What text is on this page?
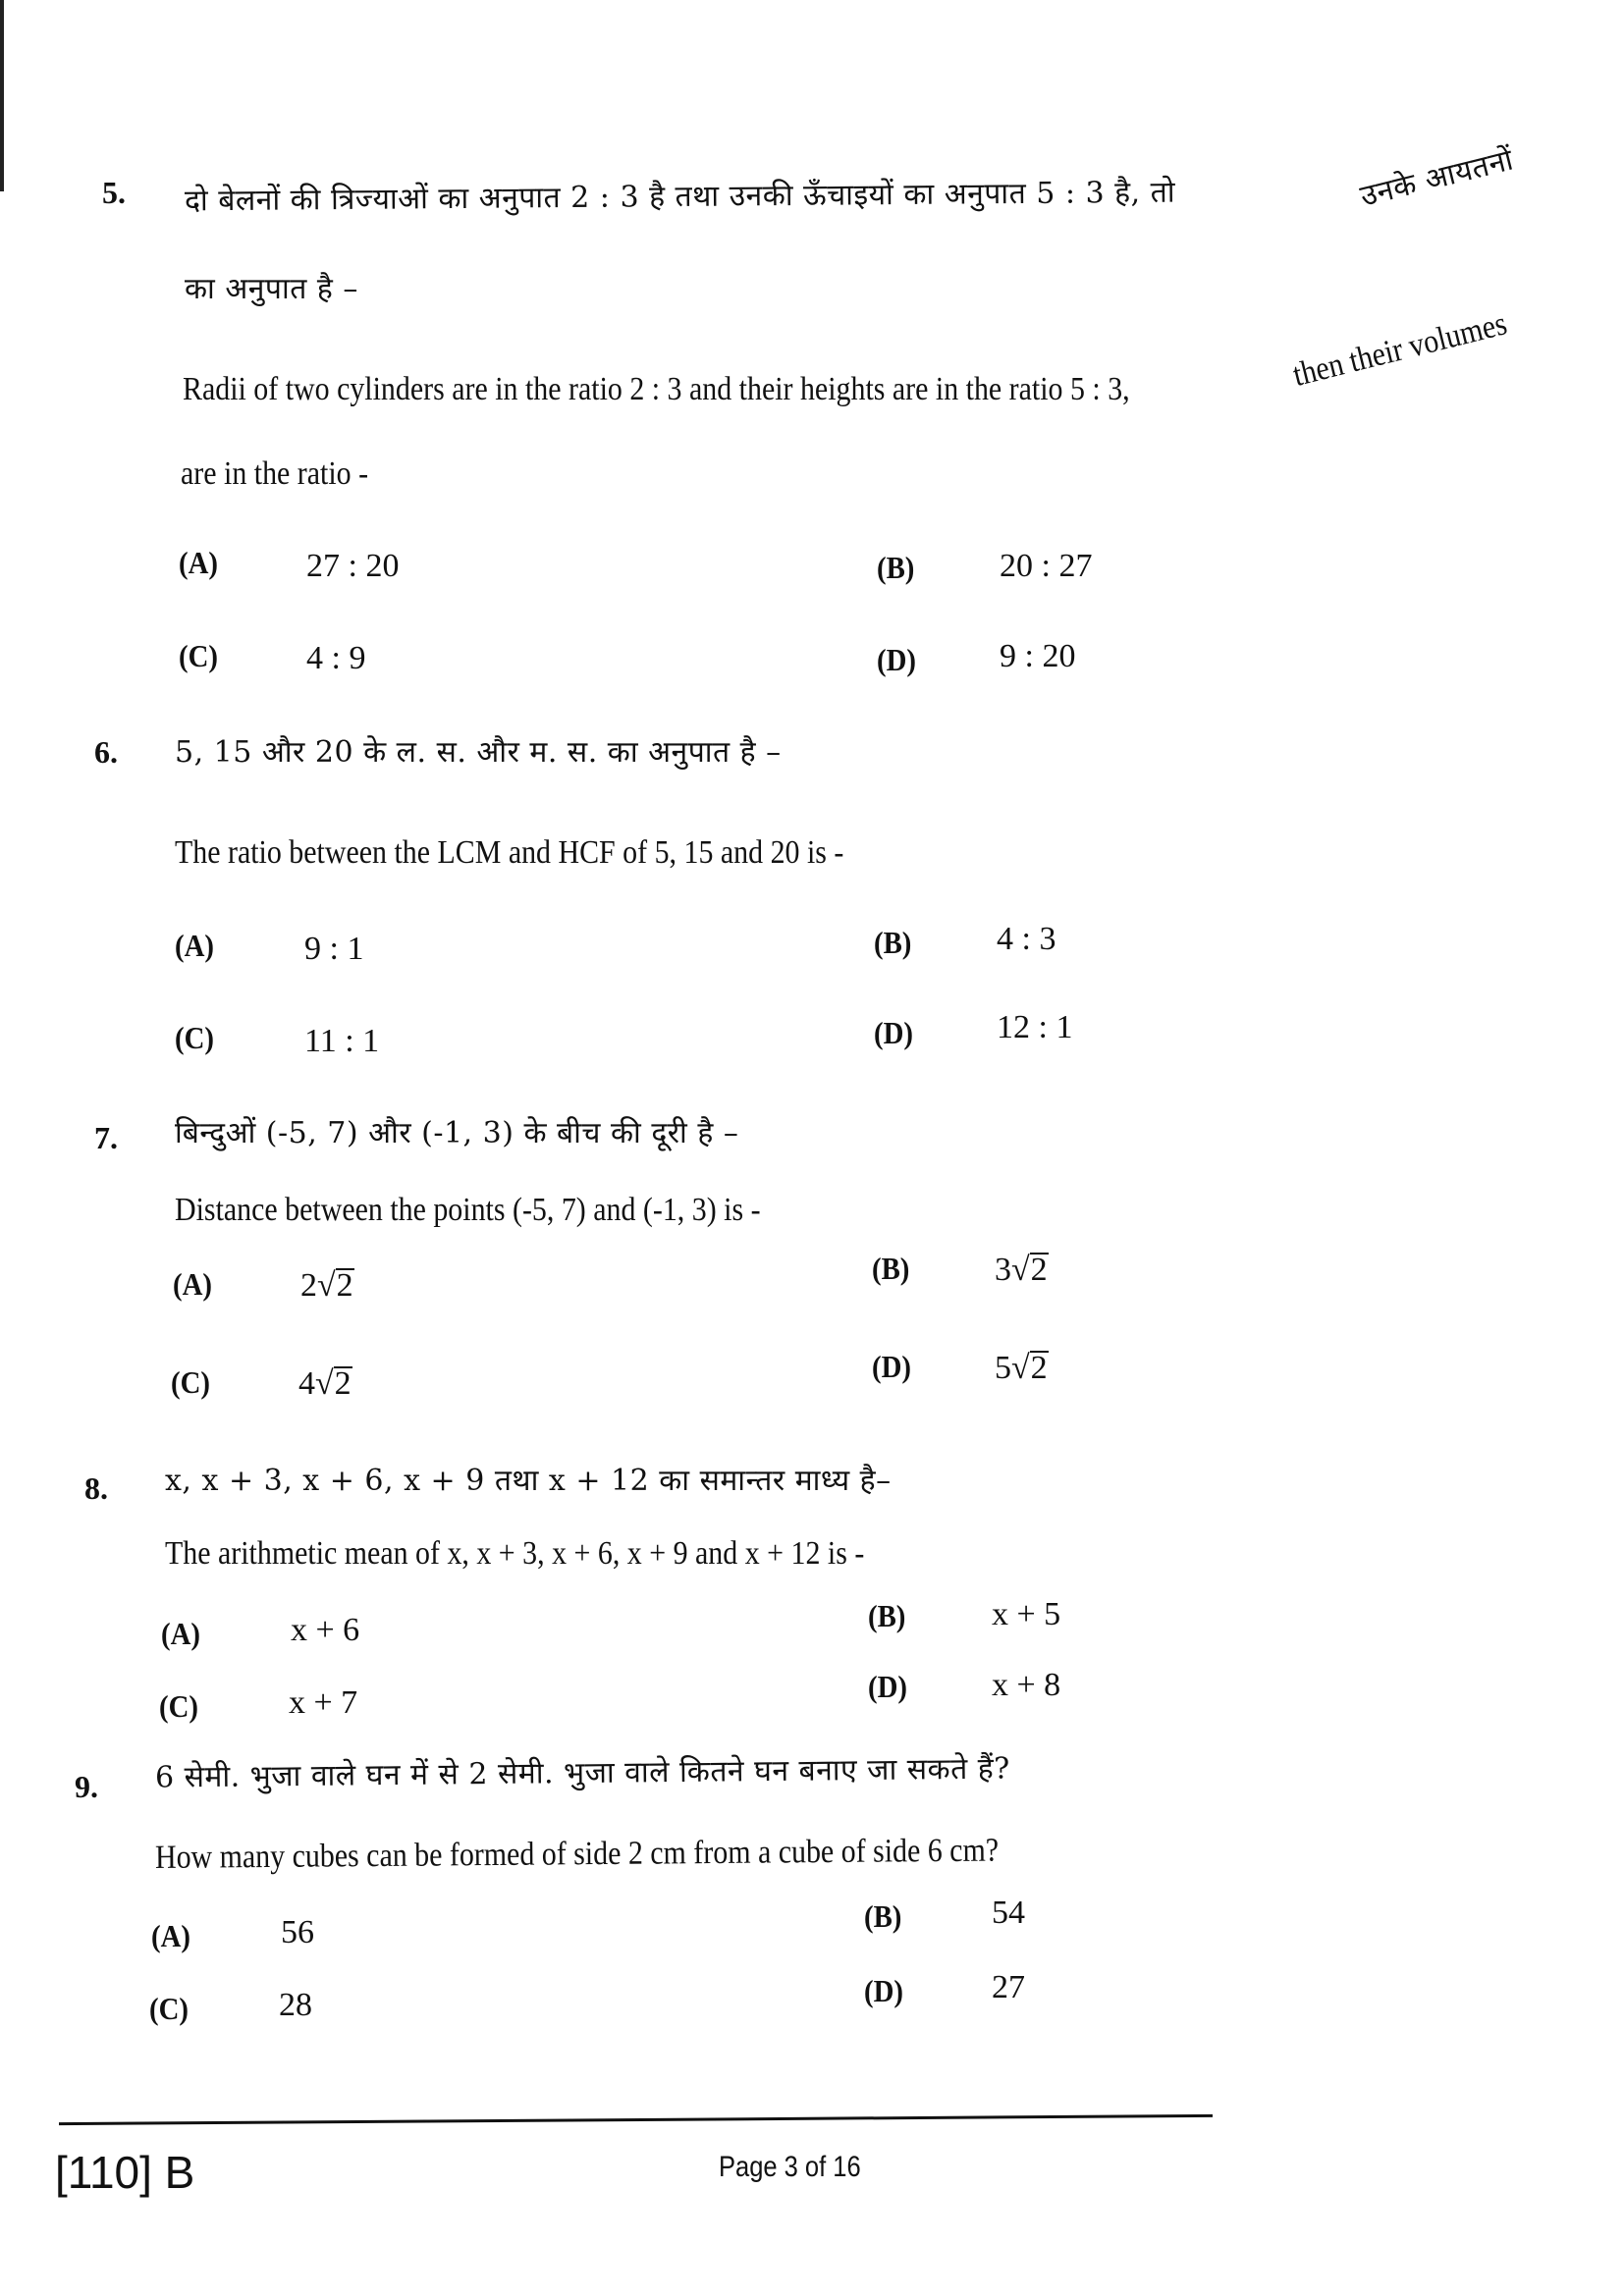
5. दो बेलनों की त्रिज्याओं का अनुपात 2 : 3 है तथा उनकी ऊँचाइयों का अनुपात 5 : 3 है, तो	उनके आयतनों
का अनुपात है –
Radii of two cylinders are in the ratio 2 : 3 and their heights are in the ratio 5 : 3,	then their volumes
are in the ratio -
(A)	27 : 20	(B)	20 : 27
(C)	4 : 9	(D)	9 : 20
6. 5, 15 और 20 के ल. स. और म. स. का अनुपात है –
The ratio between the LCM and HCF of 5, 15 and 20 is -
(A)	9 : 1	(B)	4 : 3
(C)	11 : 1	(D)	12 : 1
7. बिन्दुओं (-5, 7) और (-1, 3) के बीच की दूरी है –
Distance between the points (-5, 7) and (-1, 3) is -
(A)	2√2	(B)	3√2
(C)	4√2	(D)	5√2
8. x, x + 3, x + 6, x + 9 तथा x + 12 का समान्तर माध्य है–
The arithmetic mean of x, x + 3, x + 6, x + 9 and x + 12 is -
(A)	x + 6	(B)	x + 5
(C)	x + 7	(D)	x + 8
9. 6 सेमी. भुजा वाले घन में से 2 सेमी. भुजा वाले कितने घन बनाए जा सकते हैं?
How many cubes can be formed of side 2 cm from a cube of side 6 cm?
(A)	56	(B)	54
(C)	28	(D)	27
[110] B	Page 3 of 16
